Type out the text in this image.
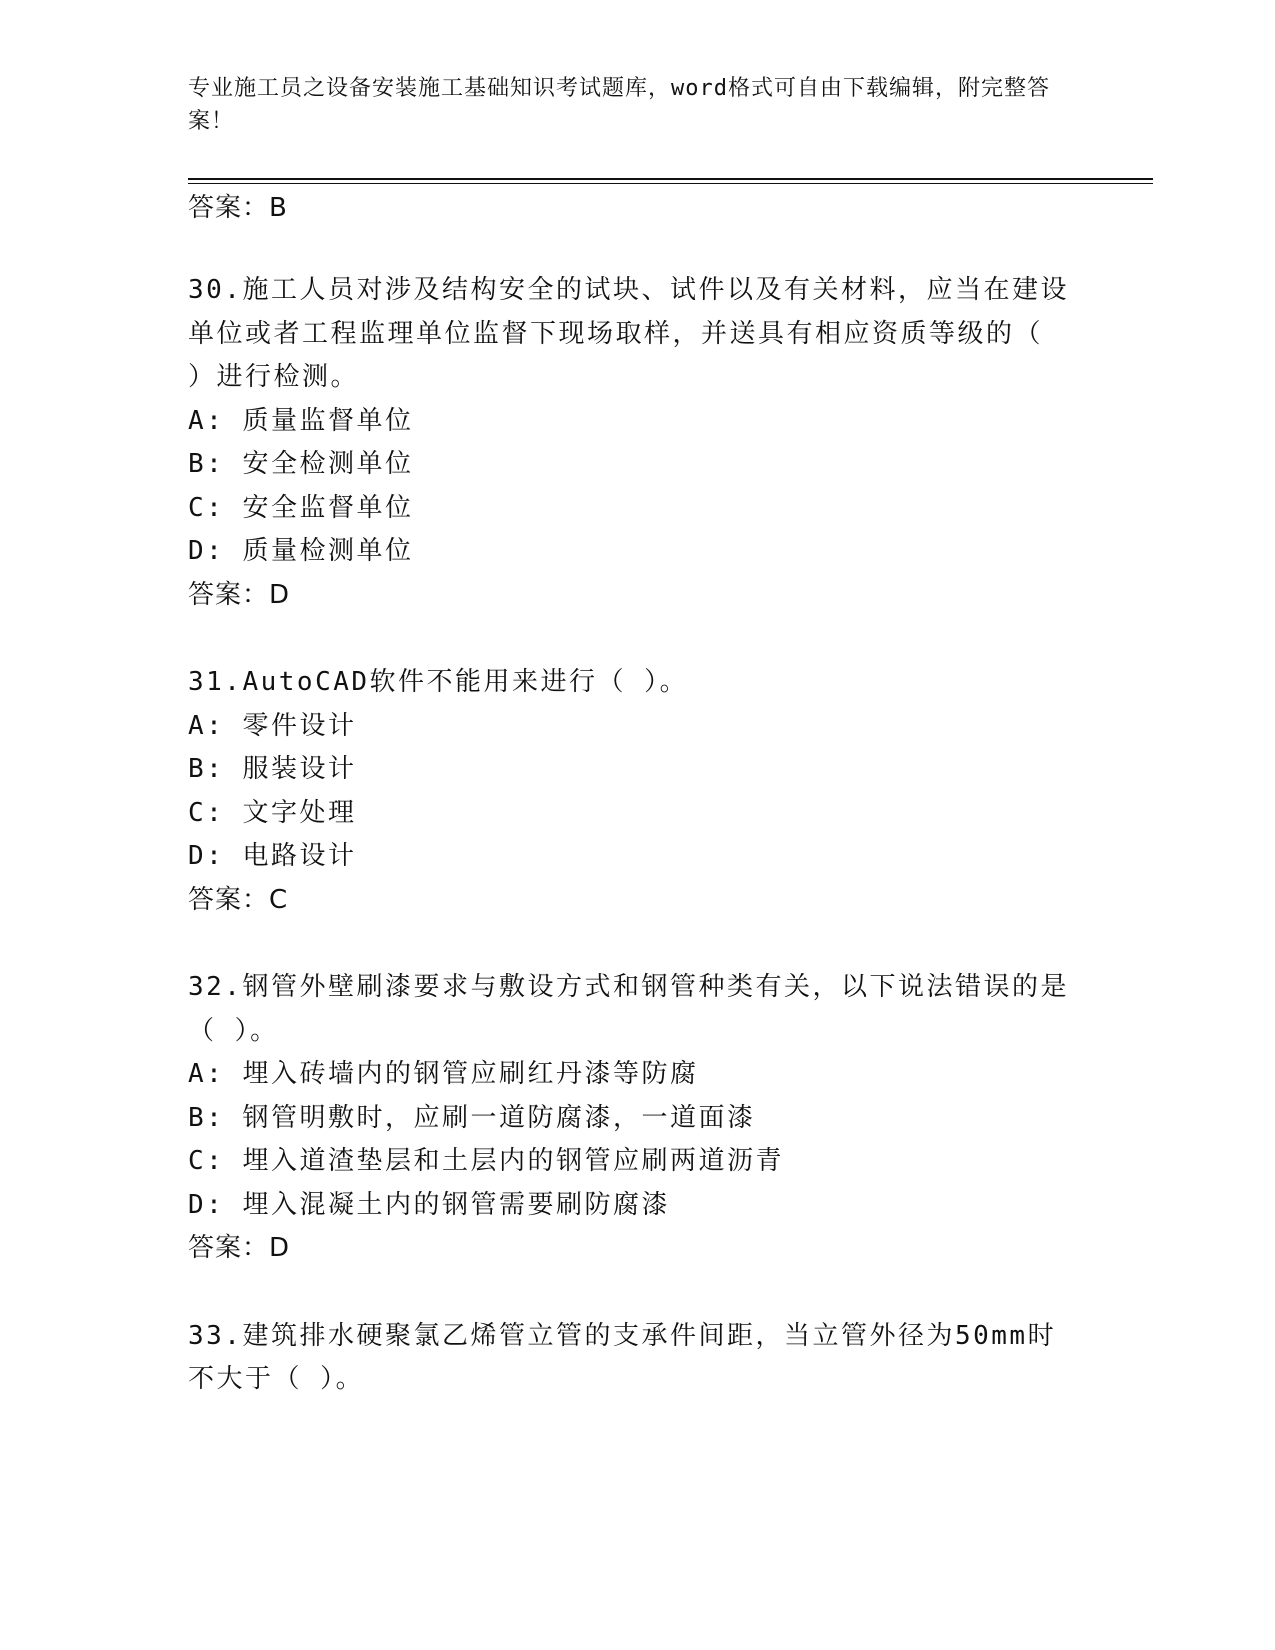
专业施工员之设备安装施工基础知识考试题库，word格式可自由下载编辑，附完整答案！
答案：B
30.施工人员对涉及结构安全的试块、试件以及有关材料，应当在建设
单位或者工程监理单位监督下现场取样，并送具有相应资质等级的（
）进行检测。
A: 质量监督单位
B: 安全检测单位
C: 安全监督单位
D: 质量检测单位
答案：D
31.AutoCAD软件不能用来进行（ ）。
A: 零件设计
B: 服装设计
C: 文字处理
D: 电路设计
答案：C
32.钢管外壁刷漆要求与敷设方式和钢管种类有关，以下说法错误的是
（ ）。
A: 埋入砖墙内的钢管应刷红丹漆等防腐
B: 钢管明敷时，应刷一道防腐漆，一道面漆
C: 埋入道渣垫层和土层内的钢管应刷两道沥青
D: 埋入混凝土内的钢管需要刷防腐漆
答案：D
33.建筑排水硬聚氯乙烯管立管的支承件间距，当立管外径为50mm时
不大于（ ）。
